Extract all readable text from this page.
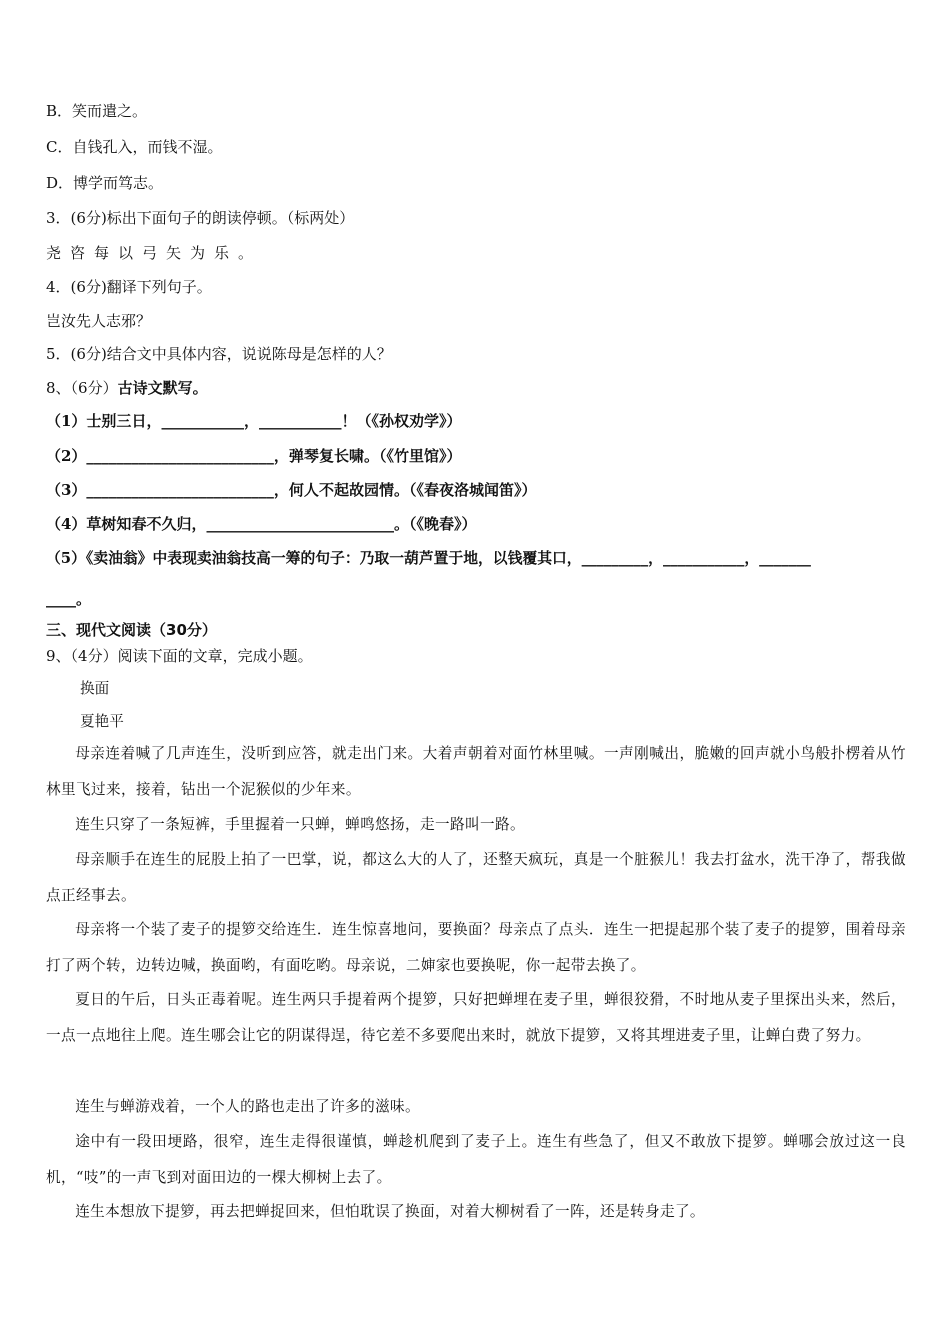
B．笑而遣之。
C．自钱孔入，而钱不湿。
D．博学而笃志。
3．(6分)标出下面句子的朗读停顿。（标两处）
尧咨每以弓矢为乐。
4．(6分)翻译下列句子。
岂汝先人志邪？
5．(6分)结合文中具体内容，说说陈母是怎样的人？
8、（6分）古诗文默写。
（1）士别三日，___________，___________！（《孙权劝学》）
（2）_________________________，弹琴复长啸。（《竹里馆》）
（3）_________________________，何人不起故园情。（《春夜洛城闻笛》）
（4）草树知春不久归，_________________________。（《晚春》）
（5）《卖油翁》中表现卖油翁技高一筹的句子：乃取一葫芦置于地，以钱覆其口，_________，___________，_______
____。
三、现代文阅读（30分）
9、（4分）阅读下面的文章，完成小题。
换面
夏艳平
母亲连着喊了几声连生，没听到应答，就走出门来。大着声朝着对面竹林里喊。一声刚喊出，脆嫩的回声就小鸟般扑楞着从竹林里飞过来，接着，钻出一个泥猴似的少年来。
连生只穿了一条短裤，手里握着一只蝉，蝉鸣悠扬，走一路叫一路。
母亲顺手在连生的屁股上拍了一巴掌，说，都这么大的人了，还整天疯玩，真是一个脏猴儿！我去打盆水，洗干净了，帮我做点正经事去。
母亲将一个装了麦子的提箩交给连生．连生惊喜地问，要换面？母亲点了点头．连生一把提起那个装了麦子的提箩，围着母亲打了两个转，边转边喊，换面哟，有面吃哟。母亲说，二婶家也要换呢，你一起带去换了。
夏日的午后，日头正毒着呢。连生两只手提着两个提箩，只好把蝉埋在麦子里，蝉很狡猾，不时地从麦子里探出头来，然后，一点一点地往上爬。连生哪会让它的阴谋得逞，待它差不多要爬出来时，就放下提箩，又将其埋进麦子里，让蝉白费了努力。
连生与蝉游戏着，一个人的路也走出了许多的滋味。
途中有一段田埂路，很窄，连生走得很谨慎，蝉趁机爬到了麦子上。连生有些急了，但又不敢放下提箩。蝉哪会放过这一良机，“吱”的一声飞到对面田边的一棵大柳树上去了。
连生本想放下提箩，再去把蝉捉回来，但怕耽误了换面，对着大柳树看了一阵，还是转身走了。
